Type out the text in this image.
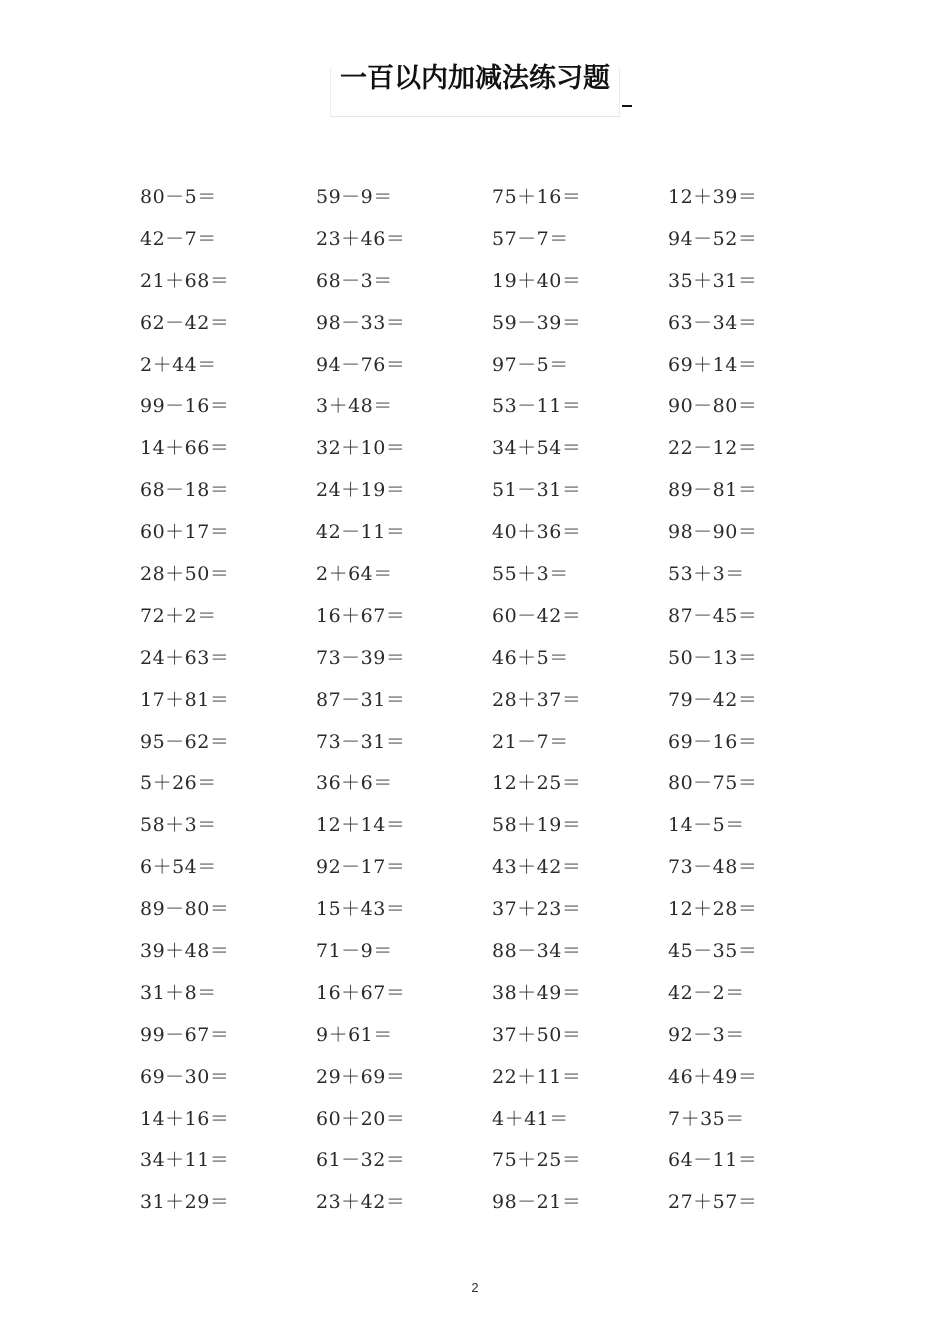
一百以内加减法练习题
80－5＝	59－9＝	75＋16＝	12＋39＝
42－7＝	23＋46＝	57－7＝	94－52＝
21＋68＝	68－3＝	19＋40＝	35＋31＝
62－42＝	98－33＝	59－39＝	63－34＝
2＋44＝	94－76＝	97－5＝	69＋14＝
99－16＝	3＋48＝	53－11＝	90－80＝
14＋66＝	32＋10＝	34＋54＝	22－12＝
68－18＝	24＋19＝	51－31＝	89－81＝
60＋17＝	42－11＝	40＋36＝	98－90＝
28＋50＝	2＋64＝	55＋3＝	53＋3＝
72＋2＝	16＋67＝	60－42＝	87－45＝
24＋63＝	73－39＝	46＋5＝	50－13＝
17＋81＝	87－31＝	28＋37＝	79－42＝
95－62＝	73－31＝	21－7＝	69－16＝
5＋26＝	36＋6＝	12＋25＝	80－75＝
58＋3＝	12＋14＝	58＋19＝	14－5＝
6＋54＝	92－17＝	43＋42＝	73－48＝
89－80＝	15＋43＝	37＋23＝	12＋28＝
39＋48＝	71－9＝	88－34＝	45－35＝
31＋8＝	16＋67＝	38＋49＝	42－2＝
99－67＝	9＋61＝	37＋50＝	92－3＝
69－30＝	29＋69＝	22＋11＝	46＋49＝
14＋16＝	60＋20＝	4＋41＝	7＋35＝
34＋11＝	61－32＝	75＋25＝	64－11＝
31＋29＝	23＋42＝	98－21＝	27＋57＝
2
